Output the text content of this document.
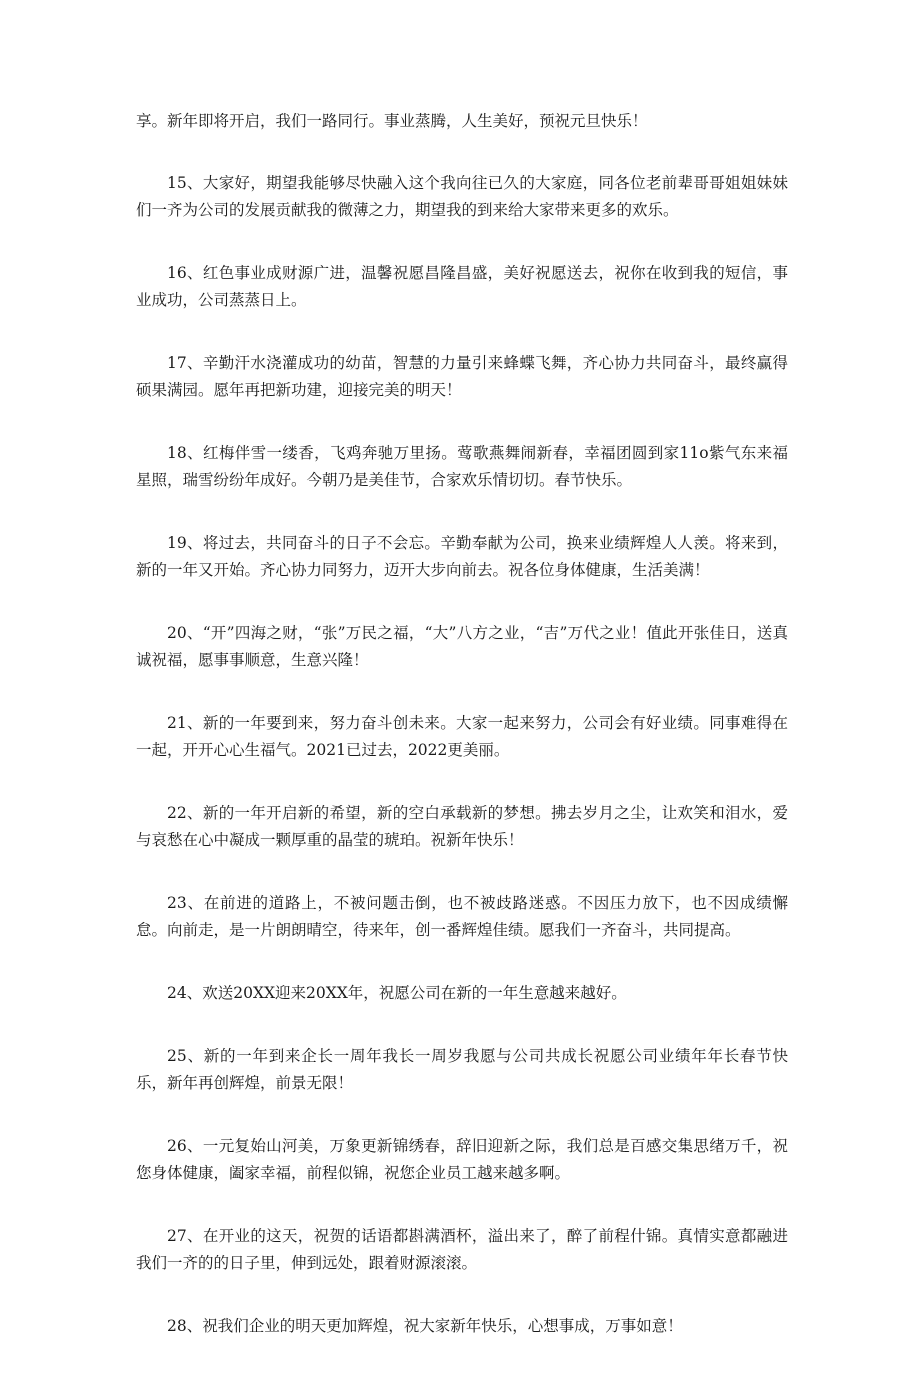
享。新年即将开启，我们一路同行。事业蒸腾，人生美好，预祝元旦快乐！

15、大家好，期望我能够尽快融入这个我向往已久的大家庭，同各位老前辈哥哥姐姐妹妹们一齐为公司的发展贡献我的微薄之力，期望我的到来给大家带来更多的欢乐。

16、红色事业成财源广进，温馨祝愿昌隆昌盛，美好祝愿送去，祝你在收到我的短信，事业成功，公司蒸蒸日上。

17、辛勤汗水浇灌成功的幼苗，智慧的力量引来蜂蝶飞舞，齐心协力共同奋斗，最终赢得硕果满园。愿年再把新功建，迎接完美的明天！

18、红梅伴雪一缕香，飞鸡奔驰万里扬。莺歌燕舞闹新春，幸福团圆到家11o紫气东来福星照，瑞雪纷纷年成好。今朝乃是美佳节，合家欢乐情切切。春节快乐。

19、将过去，共同奋斗的日子不会忘。辛勤奉献为公司，换来业绩辉煌人人羡。将来到，新的一年又开始。齐心协力同努力，迈开大步向前去。祝各位身体健康，生活美满！

20、“开”四海之财，“张”万民之福，“大”八方之业，“吉”万代之业！值此开张佳日，送真诚祝福，愿事事顺意，生意兴隆！

21、新的一年要到来，努力奋斗创未来。大家一起来努力，公司会有好业绩。同事难得在一起，开开心心生福气。2021已过去，2022更美丽。

22、新的一年开启新的希望，新的空白承载新的梦想。拂去岁月之尘，让欢笑和泪水，爱与哀愁在心中凝成一颗厚重的晶莹的琥珀。祝新年快乐！

23、在前进的道路上，不被问题击倒，也不被歧路迷惑。不因压力放下，也不因成绩懈怠。向前走，是一片朗朗晴空，待来年，创一番辉煌佳绩。愿我们一齐奋斗，共同提高。

24、欢送20XX迎来20XX年，祝愿公司在新的一年生意越来越好。

25、新的一年到来企长一周年我长一周岁我愿与公司共成长祝愿公司业绩年年长春节快乐，新年再创辉煌，前景无限！

26、一元复始山河美，万象更新锦绣春，辞旧迎新之际，我们总是百感交集思绪万千，祝您身体健康，阖家幸福，前程似锦，祝您企业员工越来越多啊。

27、在开业的这天，祝贺的话语都斟满酒杯，溢出来了，醉了前程什锦。真情实意都融进我们一齐的的日子里，伸到远处，跟着财源滚滚。

28、祝我们企业的明天更加辉煌，祝大家新年快乐，心想事成，万事如意！
